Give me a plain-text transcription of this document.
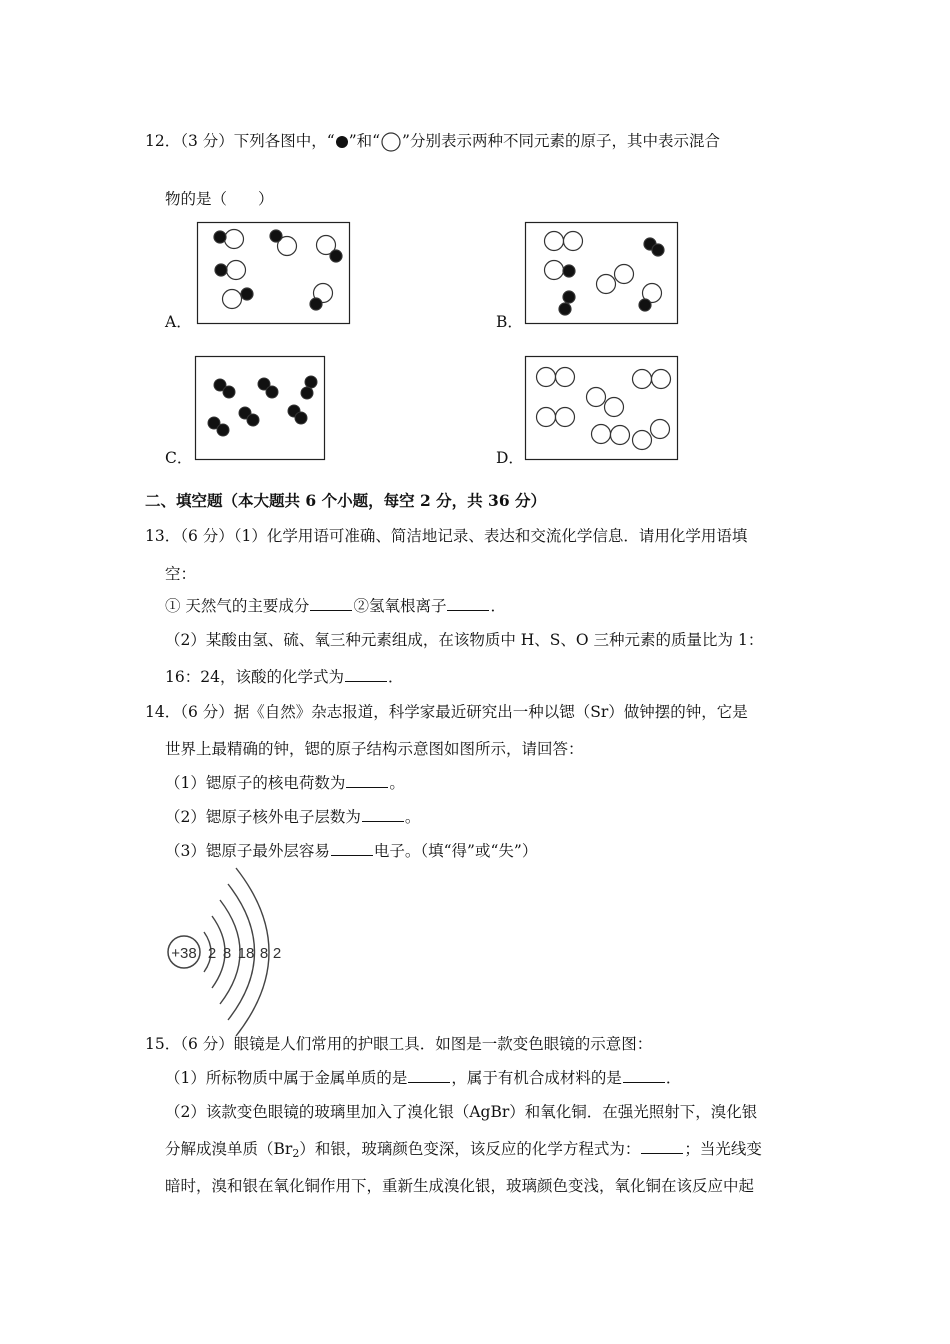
12．（3 分）下列各图中，“ ”和“ ”分别表示两种不同元素的原子，其中表示混合
物的是（　　）
A．	B．
C．	D．
二、填空题（本大题共 6 个小题，每空 2 分，共 36 分）
13．（6 分）（1）化学用语可准确、简洁地记录、表达和交流化学信息．请用化学用语填
空：
① 天然气的主要成分	②氢氧根离子	．
（2）某酸由氢、硫、氧三种元素组成，在该物质中 H、S、O 三种元素的质量比为 1：
16：24，该酸的化学式为	．
14．（6 分）据《自然》杂志报道，科学家最近研究出一种以锶（Sr）做钟摆的钟，它是
世界上最精确的钟，锶的原子结构示意图如图所示，请回答：
（1）锶原子的核电荷数为	。
（2）锶原子核外电子层数为	。
（3）锶原子最外层容易	电子。（填“得”或“失”）
+38 2 8 18 8 2
15．（6 分）眼镜是人们常用的护眼工具．如图是一款变色眼镜的示意图：
（1）所标物质中属于金属单质的是	，属于有机合成材料的是	．
（2）该款变色眼镜的玻璃里加入了溴化银（AgBr）和氧化铜．在强光照射下，溴化银
分解成溴单质$(Br_2)$和银，玻璃颜色变深，该反应的化学方程式为：	；当光线变
暗时，溴和银在氧化铜作用下，重新生成溴化银，玻璃颜色变浅，氧化铜在该反应中起
